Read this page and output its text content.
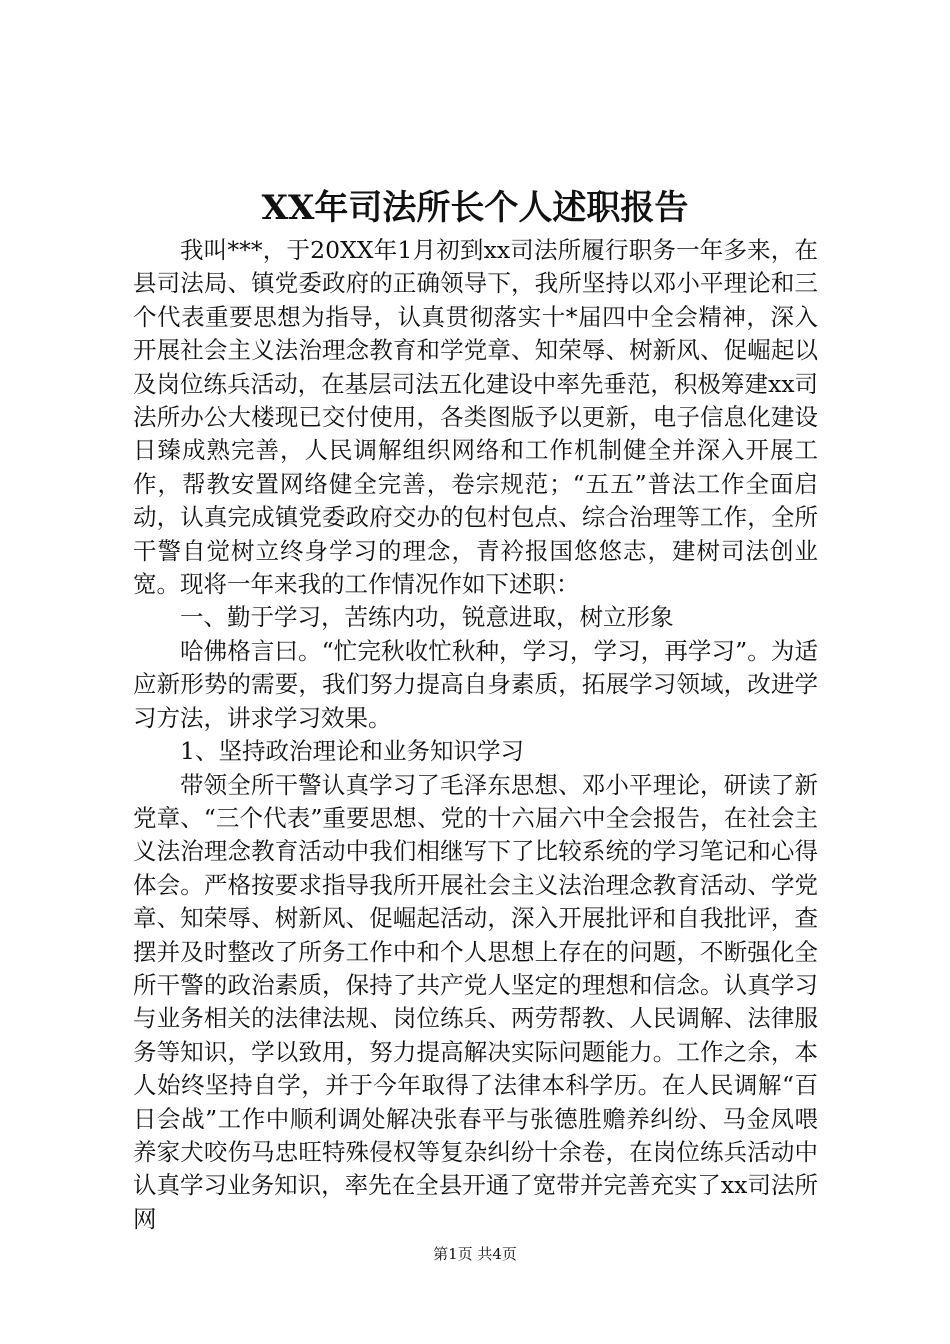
XX年司法所长个人述职报告

我叫***，于20XX年1月初到xx司法所履行职务一年多来，在县司法局、镇党委政府的正确领导下，我所坚持以邓小平理论和三个代表重要思想为指导，认真贯彻落实十*届四中全会精神，深入开展社会主义法治理念教育和学党章、知荣辱、树新风、促崛起以及岗位练兵活动，在基层司法五化建设中率先垂范，积极筹建xx司法所办公大楼现已交付使用，各类图版予以更新，电子信息化建设日臻成熟完善，人民调解组织网络和工作机制健全并深入开展工作，帮教安置网络健全完善，卷宗规范；“五五”普法工作全面启动，认真完成镇党委政府交办的包村包点、综合治理等工作，全所干警自觉树立终身学习的理念，青衿报国悠悠志，建树司法创业宽。现将一年来我的工作情况作如下述职：

一、勤于学习，苦练内功，锐意进取，树立形象

哈佛格言曰。“忙完秋收忙秋种，学习，学习，再学习”。为适应新形势的需要，我们努力提高自身素质，拓展学习领域，改进学习方法，讲求学习效果。

1、坚持政治理论和业务知识学习

带领全所干警认真学习了毛泽东思想、邓小平理论，研读了新党章、“三个代表”重要思想、党的十六届六中全会报告，在社会主义法治理念教育活动中我们相继写下了比较系统的学习笔记和心得体会。严格按要求指导我所开展社会主义法治理念教育活动、学党章、知荣辱、树新风、促崛起活动，深入开展批评和自我批评，查摆并及时整改了所务工作中和个人思想上存在的问题，不断强化全所干警的政治素质，保持了共产党人坚定的理想和信念。认真学习与业务相关的法律法规、岗位练兵、两劳帮教、人民调解、法律服务等知识，学以致用，努力提高解决实际问题能力。工作之余，本人始终坚持自学，并于今年取得了法律本科学历。在人民调解“百日会战”工作中顺利调处解决张春平与张德胜赡养纠纷、马金凤喂养家犬咬伤马忠旺特殊侵权等复杂纠纷十余卷，在岗位练兵活动中认真学习业务知识，率先在全县开通了宽带并完善充实了xx司法所网

第1页 共4页
